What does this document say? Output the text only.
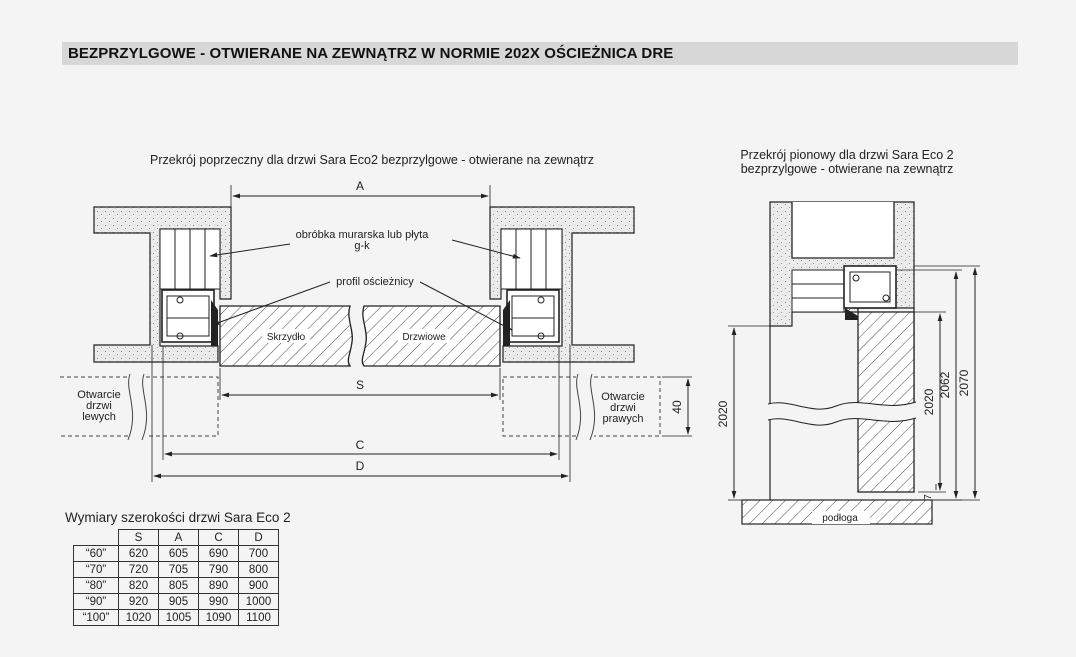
BEZPRZYLGOWE - OTWIERANE NA ZEWNĄTRZ W NORMIE 202X OŚCIEŻNICA DRE
Przekrój poprzeczny dla drzwi Sara Eco2 bezprzylgowe - otwierane na zewnątrz
Skrzydło	Drzwiowe
obróbka murarska lub płyta
g-k
profil ościeżnicy
A
Otwarcie
drzwi
lewych
Otwarcie
drzwi
prawych
40
S
C
D
Przekrój pionowy dla drzwi Sara Eco 2
bezprzylgowe - otwierane na zewnątrz
podłoga
2020	2020
2062 2070
7
Wymiary szerokości drzwi Sara Eco 2
	S	A	C	D
“60”	620	605	690	700
“70”	720	705	790	800
“80”	820	805	890	900
“90”	920	905	990	1000
“100”	1020	1005	1090	1100
